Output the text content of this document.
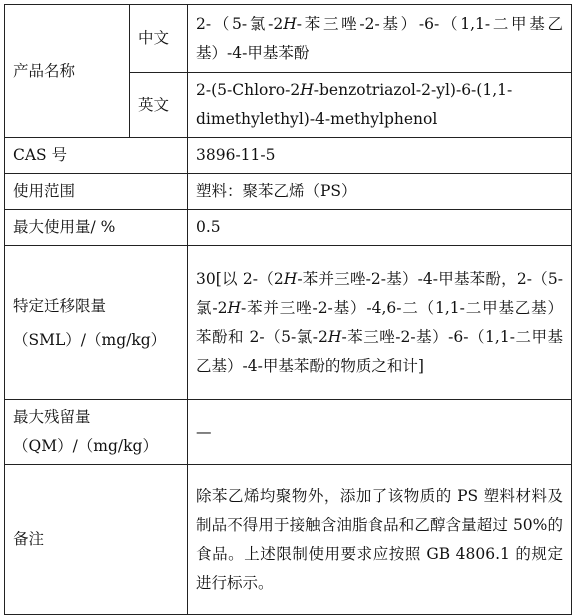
产品名称	中文	2-（5-氯-2H-苯三唑-2-基）-6-（1,1-二甲基乙基）-4-甲基苯酚
	英文	2-(5-Chloro-2H-benzotriazol-2-yl)-6-(1,1-dimethylethyl)-4-methylphenol
CAS 号		3896-11-5
使用范围		塑料：聚苯乙烯（PS）
最大使用量/ %		0.5

特定迁移限量
（SML）/（mg/kg）		30[以 2-（2H-苯并三唑-2-基）-4-甲基苯酚，2-（5-氯-2H-苯并三唑-2-基）-4,6-二（1,1-二甲基乙基）苯酚和 2-（5-氯-2H-苯三唑-2-基）-6-（1,1-二甲基乙基）-4-甲基苯酚的物质之和计]

最大残留量
（QM）/（mg/kg）		—
备注		除苯乙烯均聚物外，添加了该物质的 PS 塑料材料及制品不得用于接触含油脂食品和乙醇含量超过 50%的食品。上述限制使用要求应按照 GB 4806.1 的规定进行标示。
